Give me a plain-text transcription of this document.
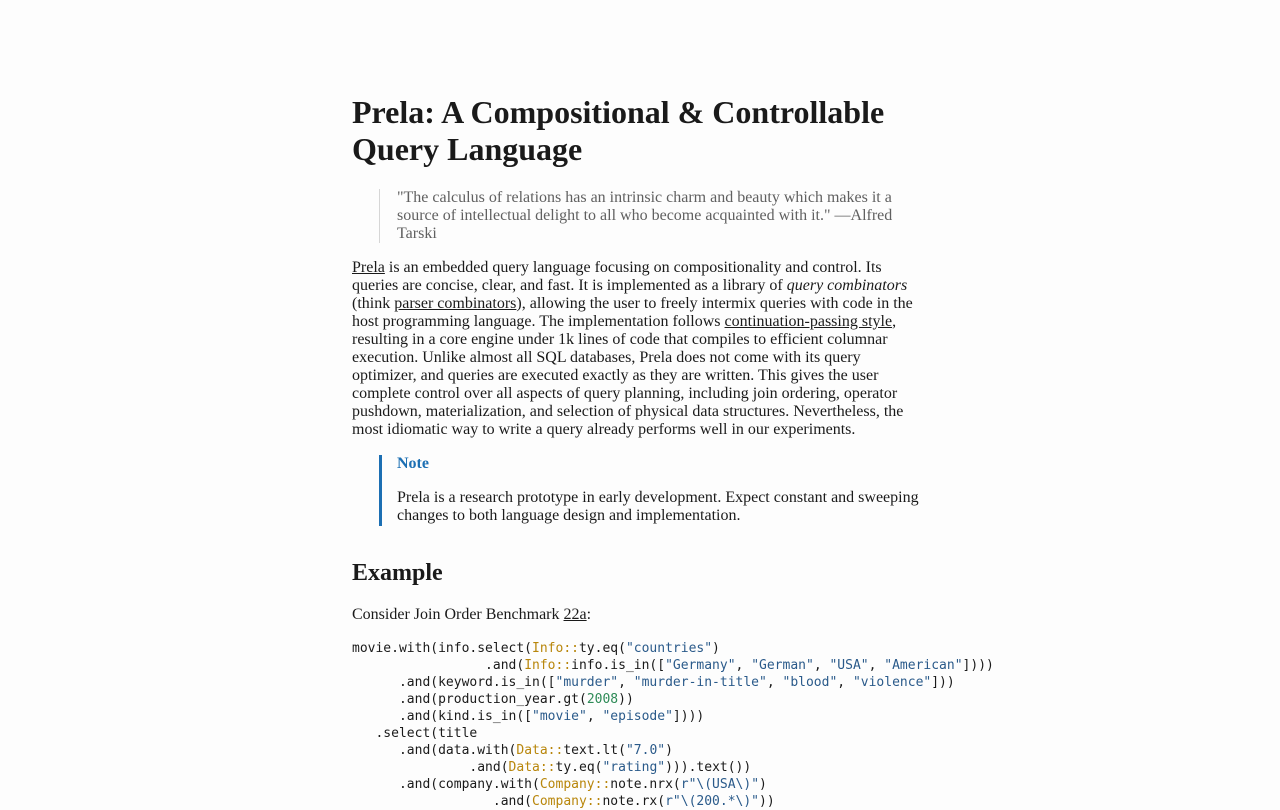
Prela: A Compositional & Controllable Query Language
"The calculus of relations has an intrinsic charm and beauty which makes it a
source of intellectual delight to all who become acquainted with it." —Alfred
Tarski
Prela is an embedded query language focusing on compositionality and control. Its
queries are concise, clear, and fast. It is implemented as a library of query combinators
(think parser combinators), allowing the user to freely intermix queries with code in the
host programming language. The implementation follows continuation-passing style,
resulting in a core engine under 1k lines of code that compiles to efficient columnar
execution. Unlike almost all SQL databases, Prela does not come with its query
optimizer, and queries are executed exactly as they are written. This gives the user
complete control over all aspects of query planning, including join ordering, operator
pushdown, materialization, and selection of physical data structures. Nevertheless, the
most idiomatic way to write a query already performs well in our experiments.
Note
Prela is a research prototype in early development. Expect constant and sweeping
changes to both language design and implementation.
Example
Consider Join Order Benchmark 22a:
movie.with(info.select(Info::ty.eq("countries")
.and(Info::info.is_in(["Germany", "German", "USA", "American"])))
.and(keyword.is_in(["murder", "murder-in-title", "blood", "violence"]))
.and(production_year.gt(2008))
.and(kind.is_in(["movie", "episode"])))
.select(title
.and(data.with(Data::text.lt("7.0")
.and(Data::ty.eq("rating"))).text())
.and(company.with(Company::note.nrx(r"\(USA\)")
.and(Company::note.rx(r"\(200.*\)"))
